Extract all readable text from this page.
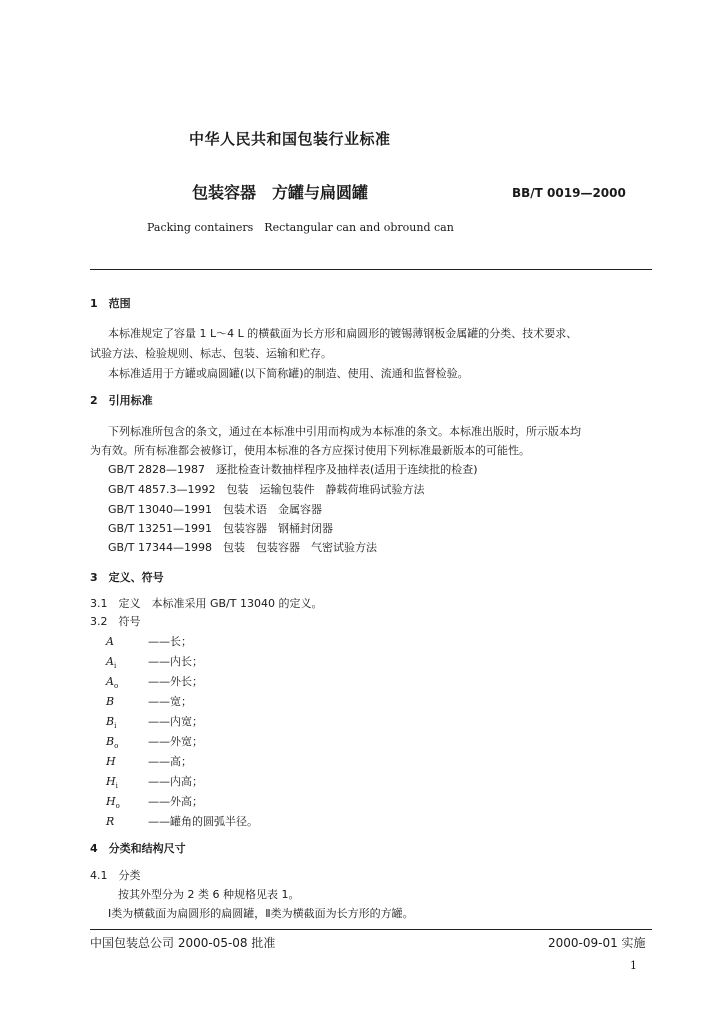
中华人民共和国包装行业标准
包装容器　方罐与扁圆罐	BB/T 0019—2000
Packing containers　Rectangular can and obround can
1　范围
本标准规定了容量 1 L～4 L 的横截面为长方形和扁圆形的镀锡薄钢板金属罐的分类、技术要求、
试验方法、检验规则、标志、包装、运输和贮存。
本标准适用于方罐或扁圆罐(以下简称罐)的制造、使用、流通和监督检验。
2　引用标准
下列标准所包含的条文，通过在本标准中引用而构成为本标准的条文。本标准出版时，所示版本均
为有效。所有标准都会被修订，使用本标准的各方应探讨使用下列标准最新版本的可能性。
GB/T 2828—1987　逐批检查计数抽样程序及抽样表(适用于连续批的检查)
GB/T 4857.3—1992　包装　运输包装件　静载荷堆码试验方法
GB/T 13040—1991　包装术语　金属容器
GB/T 13251—1991　包装容器　钢桶封闭器
GB/T 17344—1998　包装　包装容器　气密试验方法
3　定义、符号
3.1　定义　本标准采用 GB/T 13040 的定义。
3.2　符号
A	——长；
$A_i$	——内长；
$A_o$	——外长；
B	——宽；
$B_i$	——内宽；
$B_o$	——外宽；
H	——高；
$H_i$	——内高；
$H_o$	——外高；
R	——罐角的圆弧半径。
4　分类和结构尺寸
4.1　分类
按其外型分为 2 类 6 种规格见表 1。
Ⅰ类为横截面为扁圆形的扁圆罐，Ⅱ类为横截面为长方形的方罐。
中国包装总公司 2000-05-08 批准	2000-09-01 实施
1
